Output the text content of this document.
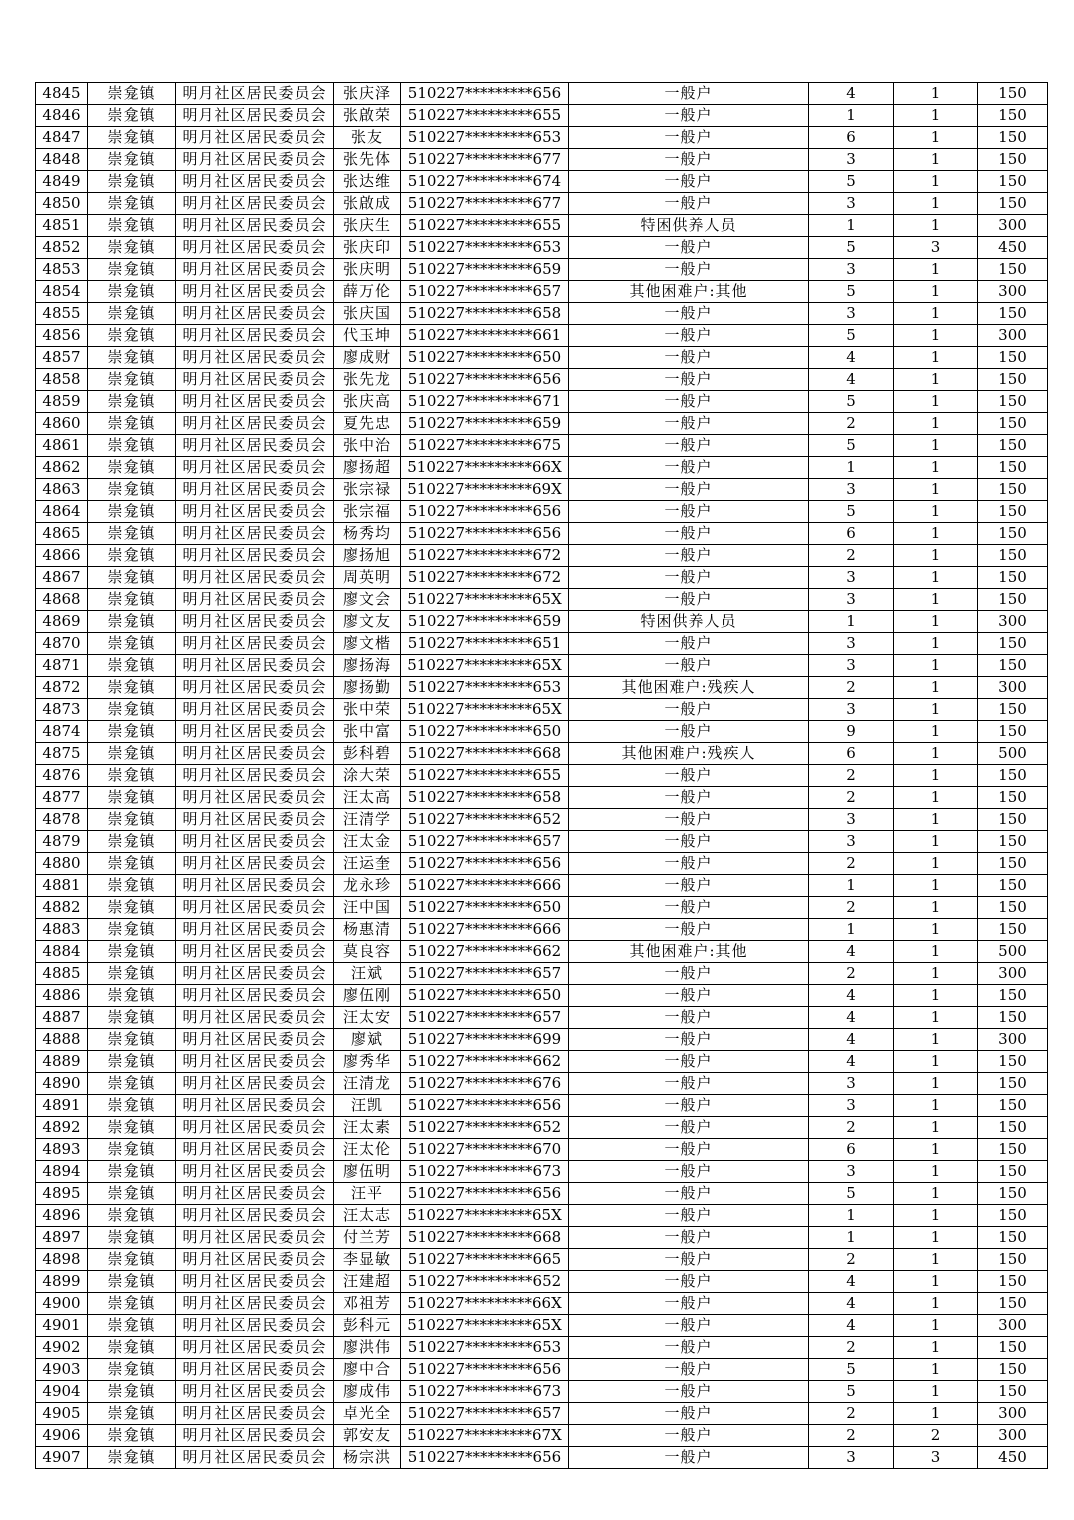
4845	崇龛镇	明月社区居民委员会	张庆泽	510227*********656	一般户	4	1	150
4846	崇龛镇	明月社区居民委员会	张啟荣	510227*********655	一般户	1	1	150
4847	崇龛镇	明月社区居民委员会	张友	510227*********653	一般户	6	1	150
4848	崇龛镇	明月社区居民委员会	张先体	510227*********677	一般户	3	1	150
4849	崇龛镇	明月社区居民委员会	张达维	510227*********674	一般户	5	1	150
4850	崇龛镇	明月社区居民委员会	张啟成	510227*********677	一般户	3	1	150
4851	崇龛镇	明月社区居民委员会	张庆生	510227*********655	特困供养人员	1	1	300
4852	崇龛镇	明月社区居民委员会	张庆印	510227*********653	一般户	5	3	450
4853	崇龛镇	明月社区居民委员会	张庆明	510227*********659	一般户	3	1	150
4854	崇龛镇	明月社区居民委员会	薛万伦	510227*********657	其他困难户:其他	5	1	300
4855	崇龛镇	明月社区居民委员会	张庆国	510227*********658	一般户	3	1	150
4856	崇龛镇	明月社区居民委员会	代玉坤	510227*********661	一般户	5	1	300
4857	崇龛镇	明月社区居民委员会	廖成财	510227*********650	一般户	4	1	150
4858	崇龛镇	明月社区居民委员会	张先龙	510227*********656	一般户	4	1	150
4859	崇龛镇	明月社区居民委员会	张庆高	510227*********671	一般户	5	1	150
4860	崇龛镇	明月社区居民委员会	夏先忠	510227*********659	一般户	2	1	150
4861	崇龛镇	明月社区居民委员会	张中治	510227*********675	一般户	5	1	150
4862	崇龛镇	明月社区居民委员会	廖扬超	510227*********66X	一般户	1	1	150
4863	崇龛镇	明月社区居民委员会	张宗禄	510227*********69X	一般户	3	1	150
4864	崇龛镇	明月社区居民委员会	张宗福	510227*********656	一般户	5	1	150
4865	崇龛镇	明月社区居民委员会	杨秀均	510227*********656	一般户	6	1	150
4866	崇龛镇	明月社区居民委员会	廖扬旭	510227*********672	一般户	2	1	150
4867	崇龛镇	明月社区居民委员会	周英明	510227*********672	一般户	3	1	150
4868	崇龛镇	明月社区居民委员会	廖文会	510227*********65X	一般户	3	1	150
4869	崇龛镇	明月社区居民委员会	廖文友	510227*********659	特困供养人员	1	1	300
4870	崇龛镇	明月社区居民委员会	廖文楷	510227*********651	一般户	3	1	150
4871	崇龛镇	明月社区居民委员会	廖扬海	510227*********65X	一般户	3	1	150
4872	崇龛镇	明月社区居民委员会	廖扬勤	510227*********653	其他困难户:残疾人	2	1	300
4873	崇龛镇	明月社区居民委员会	张中荣	510227*********65X	一般户	3	1	150
4874	崇龛镇	明月社区居民委员会	张中富	510227*********650	一般户	9	1	150
4875	崇龛镇	明月社区居民委员会	彭科碧	510227*********668	其他困难户:残疾人	6	1	500
4876	崇龛镇	明月社区居民委员会	涂大荣	510227*********655	一般户	2	1	150
4877	崇龛镇	明月社区居民委员会	汪太高	510227*********658	一般户	2	1	150
4878	崇龛镇	明月社区居民委员会	汪清学	510227*********652	一般户	3	1	150
4879	崇龛镇	明月社区居民委员会	汪太金	510227*********657	一般户	3	1	150
4880	崇龛镇	明月社区居民委员会	汪运奎	510227*********656	一般户	2	1	150
4881	崇龛镇	明月社区居民委员会	龙永珍	510227*********666	一般户	1	1	150
4882	崇龛镇	明月社区居民委员会	汪中国	510227*********650	一般户	2	1	150
4883	崇龛镇	明月社区居民委员会	杨惠清	510227*********666	一般户	1	1	150
4884	崇龛镇	明月社区居民委员会	莫良容	510227*********662	其他困难户:其他	4	1	500
4885	崇龛镇	明月社区居民委员会	汪斌	510227*********657	一般户	2	1	300
4886	崇龛镇	明月社区居民委员会	廖伍刚	510227*********650	一般户	4	1	150
4887	崇龛镇	明月社区居民委员会	汪太安	510227*********657	一般户	4	1	150
4888	崇龛镇	明月社区居民委员会	廖斌	510227*********699	一般户	4	1	300
4889	崇龛镇	明月社区居民委员会	廖秀华	510227*********662	一般户	4	1	150
4890	崇龛镇	明月社区居民委员会	汪清龙	510227*********676	一般户	3	1	150
4891	崇龛镇	明月社区居民委员会	汪凯	510227*********656	一般户	3	1	150
4892	崇龛镇	明月社区居民委员会	汪太素	510227*********652	一般户	2	1	150
4893	崇龛镇	明月社区居民委员会	汪太伦	510227*********670	一般户	6	1	150
4894	崇龛镇	明月社区居民委员会	廖伍明	510227*********673	一般户	3	1	150
4895	崇龛镇	明月社区居民委员会	汪平	510227*********656	一般户	5	1	150
4896	崇龛镇	明月社区居民委员会	汪太志	510227*********65X	一般户	1	1	150
4897	崇龛镇	明月社区居民委员会	付兰芳	510227*********668	一般户	1	1	150
4898	崇龛镇	明月社区居民委员会	李显敏	510227*********665	一般户	2	1	150
4899	崇龛镇	明月社区居民委员会	汪建超	510227*********652	一般户	4	1	150
4900	崇龛镇	明月社区居民委员会	邓祖芳	510227*********66X	一般户	4	1	150
4901	崇龛镇	明月社区居民委员会	彭科元	510227*********65X	一般户	4	1	300
4902	崇龛镇	明月社区居民委员会	廖洪伟	510227*********653	一般户	2	1	150
4903	崇龛镇	明月社区居民委员会	廖中合	510227*********656	一般户	5	1	150
4904	崇龛镇	明月社区居民委员会	廖成伟	510227*********673	一般户	5	1	150
4905	崇龛镇	明月社区居民委员会	卓光全	510227*********657	一般户	2	1	300
4906	崇龛镇	明月社区居民委员会	郭安友	510227*********67X	一般户	2	2	300
4907	崇龛镇	明月社区居民委员会	杨宗洪	510227*********656	一般户	3	3	450
